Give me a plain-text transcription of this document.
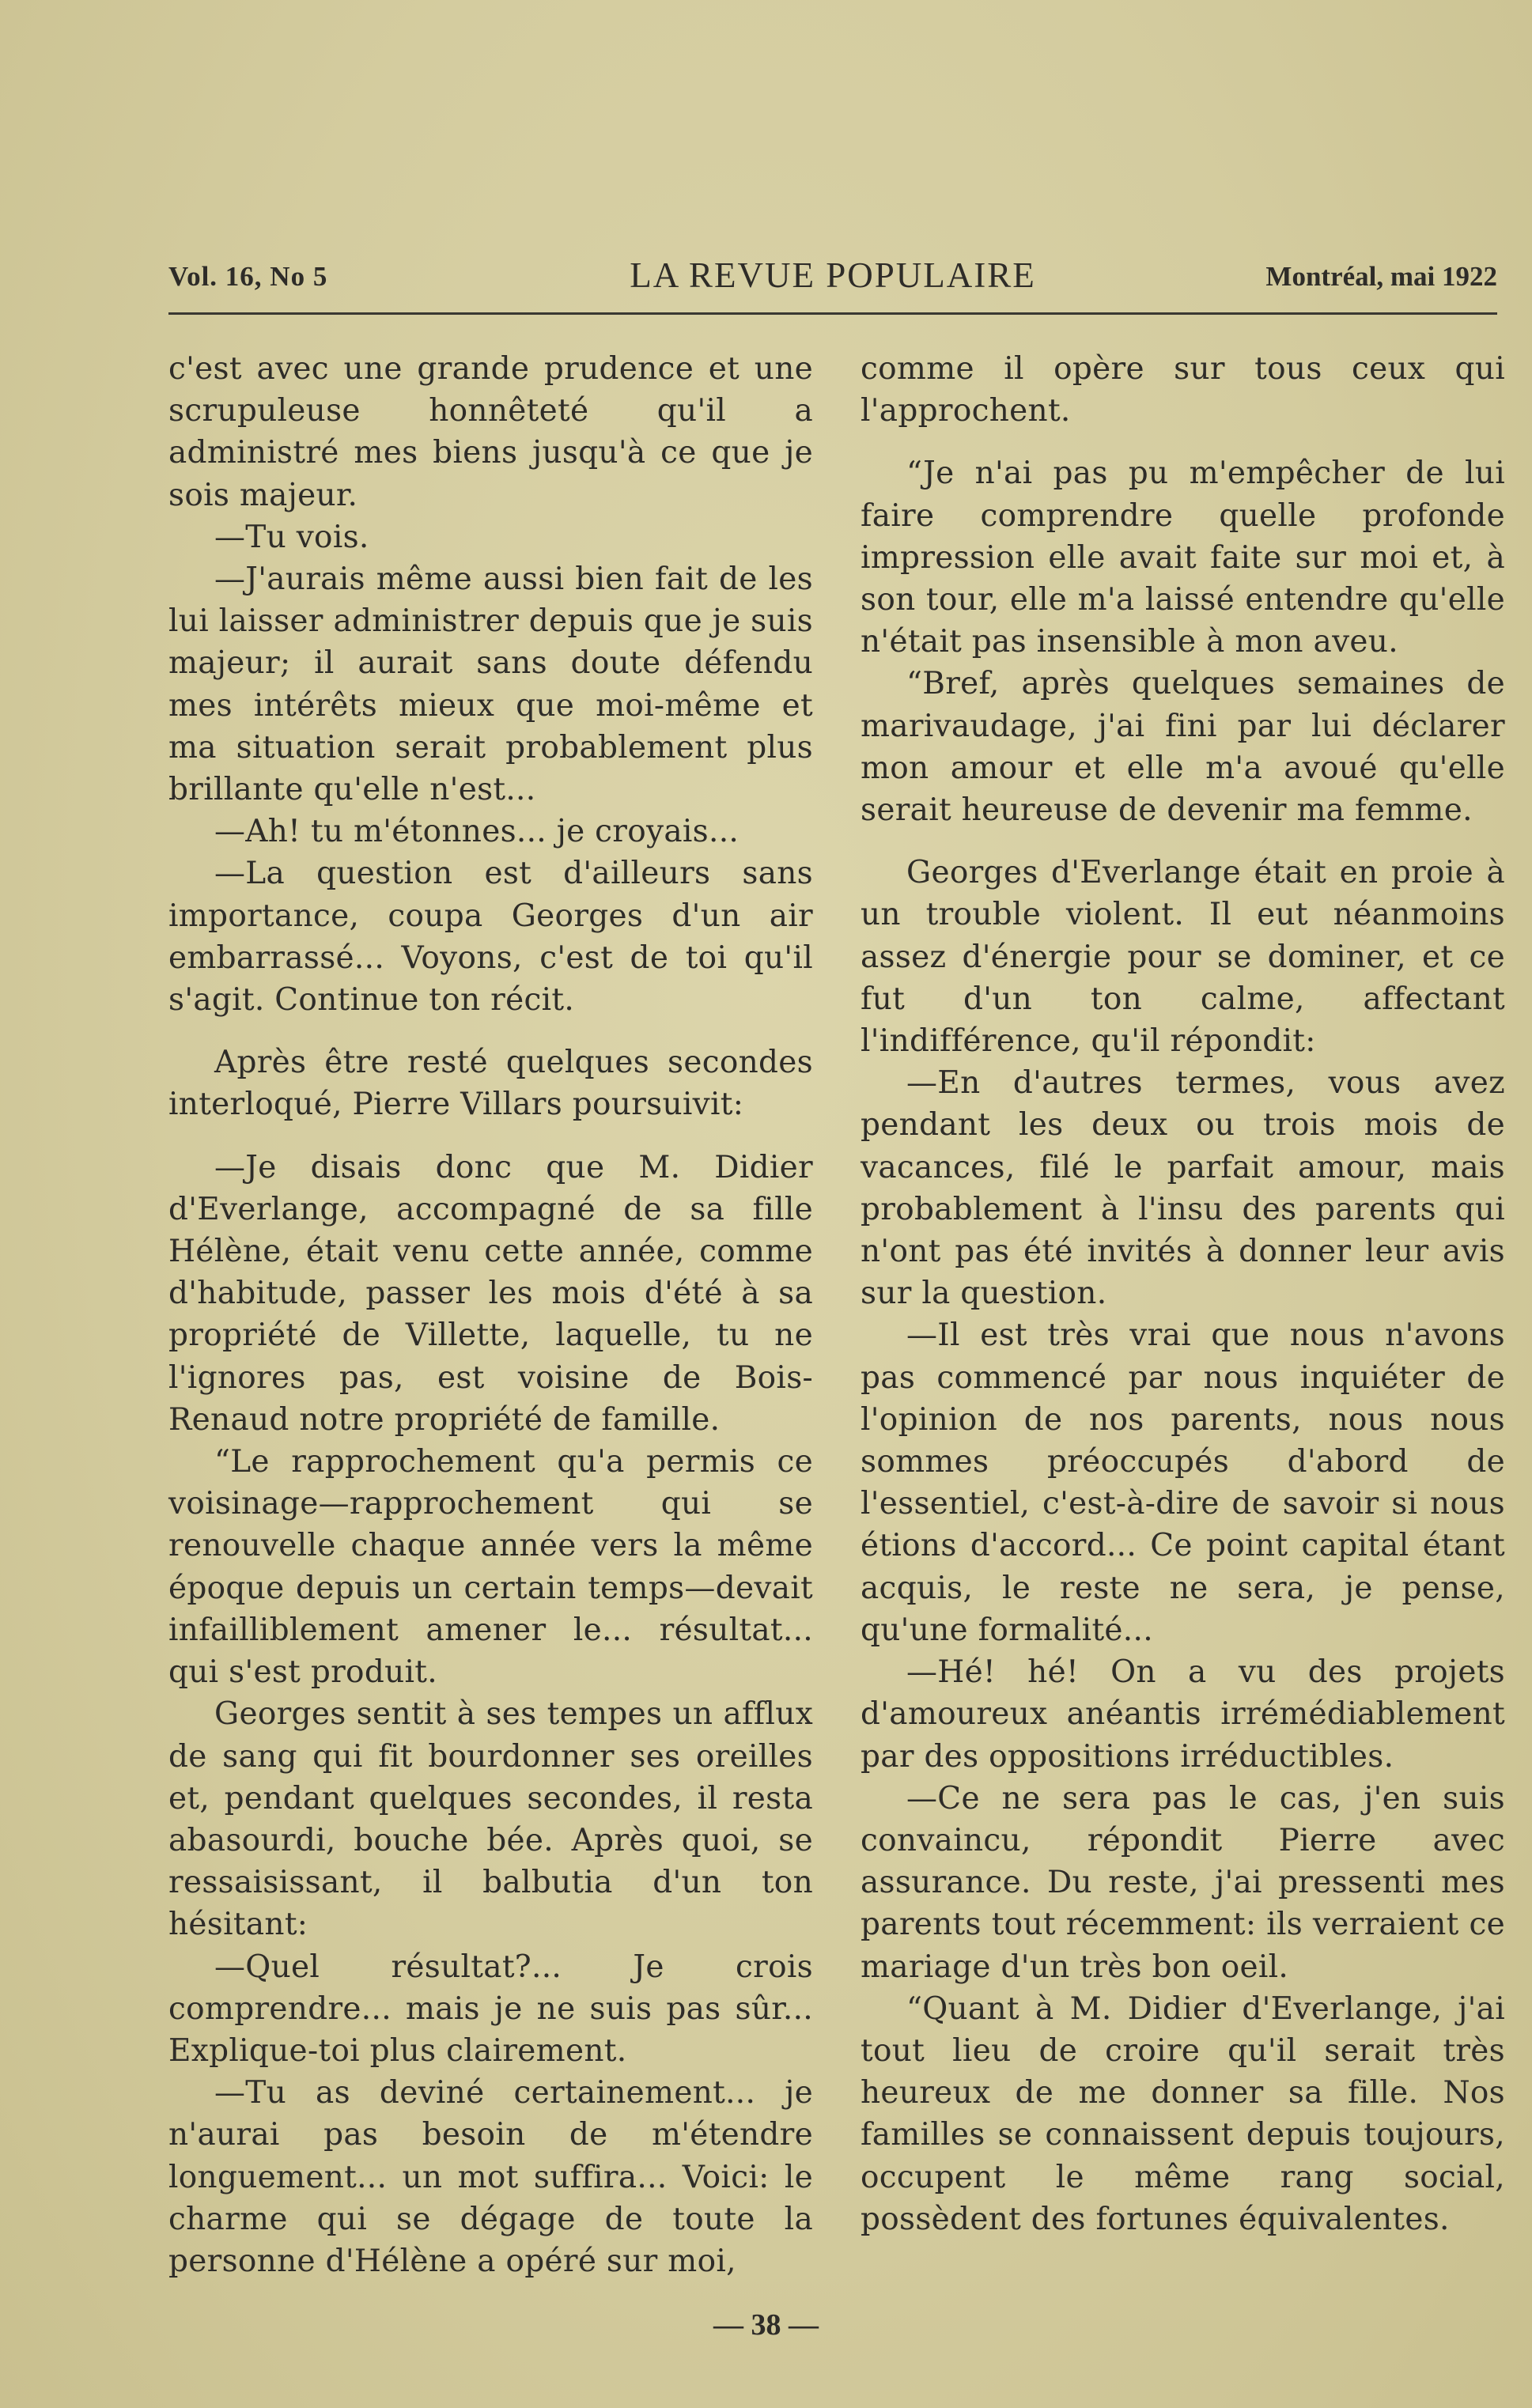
Vol. 16, No 5	LA REVUE POPULAIRE	Montréal, mai 1922

c'est avec une grande prudence et une scrupuleuse honnêteté qu'il a administré mes biens jusqu'à ce que je sois majeur.

—Tu vois.

—J'aurais même aussi bien fait de les lui laisser administrer depuis que je suis majeur; il aurait sans doute défendu mes intérêts mieux que moi-même et ma situation serait probablement plus brillante qu'elle n'est...

—Ah! tu m'étonnes... je croyais...

—La question est d'ailleurs sans importance, coupa Georges d'un air embarrassé... Voyons, c'est de toi qu'il s'agit. Continue ton récit.

Après être resté quelques secondes interloqué, Pierre Villars poursuivit:

—Je disais donc que M. Didier d'Everlange, accompagné de sa fille Hélène, était venu cette année, comme d'habitude, passer les mois d'été à sa propriété de Villette, laquelle, tu ne l'ignores pas, est voisine de Bois-Renaud notre propriété de famille.

“Le rapprochement qu'a permis ce voisinage—rapprochement qui se renouvelle chaque année vers la même époque depuis un certain temps—devait infailliblement amener le... résultat... qui s'est produit.

Georges sentit à ses tempes un afflux de sang qui fit bourdonner ses oreilles et, pendant quelques secondes, il resta abasourdi, bouche bée. Après quoi, se ressaisissant, il balbutia d'un ton hésitant:

—Quel résultat?... Je crois comprendre... mais je ne suis pas sûr... Explique-toi plus clairement.

—Tu as deviné certainement... je n'aurai pas besoin de m'étendre longuement... un mot suffira... Voici: le charme qui se dégage de toute la personne d'Hélène a opéré sur moi,

comme il opère sur tous ceux qui l'approchent.

“Je n'ai pas pu m'empêcher de lui faire comprendre quelle profonde impression elle avait faite sur moi et, à son tour, elle m'a laissé entendre qu'elle n'était pas insensible à mon aveu.

“Bref, après quelques semaines de marivaudage, j'ai fini par lui déclarer mon amour et elle m'a avoué qu'elle serait heureuse de devenir ma femme.

Georges d'Everlange était en proie à un trouble violent. Il eut néanmoins assez d'énergie pour se dominer, et ce fut d'un ton calme, affectant l'indifférence, qu'il répondit:

—En d'autres termes, vous avez pendant les deux ou trois mois de vacances, filé le parfait amour, mais probablement à l'insu des parents qui n'ont pas été invités à donner leur avis sur la question.

—Il est très vrai que nous n'avons pas commencé par nous inquiéter de l'opinion de nos parents, nous nous sommes préoccupés d'abord de l'essentiel, c'est-à-dire de savoir si nous étions d'accord... Ce point capital étant acquis, le reste ne sera, je pense, qu'une formalité...

—Hé! hé! On a vu des projets d'amoureux anéantis irrémédiablement par des oppositions irréductibles.

—Ce ne sera pas le cas, j'en suis convaincu, répondit Pierre avec assurance. Du reste, j'ai pressenti mes parents tout récemment: ils verraient ce mariage d'un très bon oeil.

“Quant à M. Didier d'Everlange, j'ai tout lieu de croire qu'il serait très heureux de me donner sa fille. Nos familles se connaissent depuis toujours, occupent le même rang social, possèdent des fortunes équivalentes.

— 38 —
